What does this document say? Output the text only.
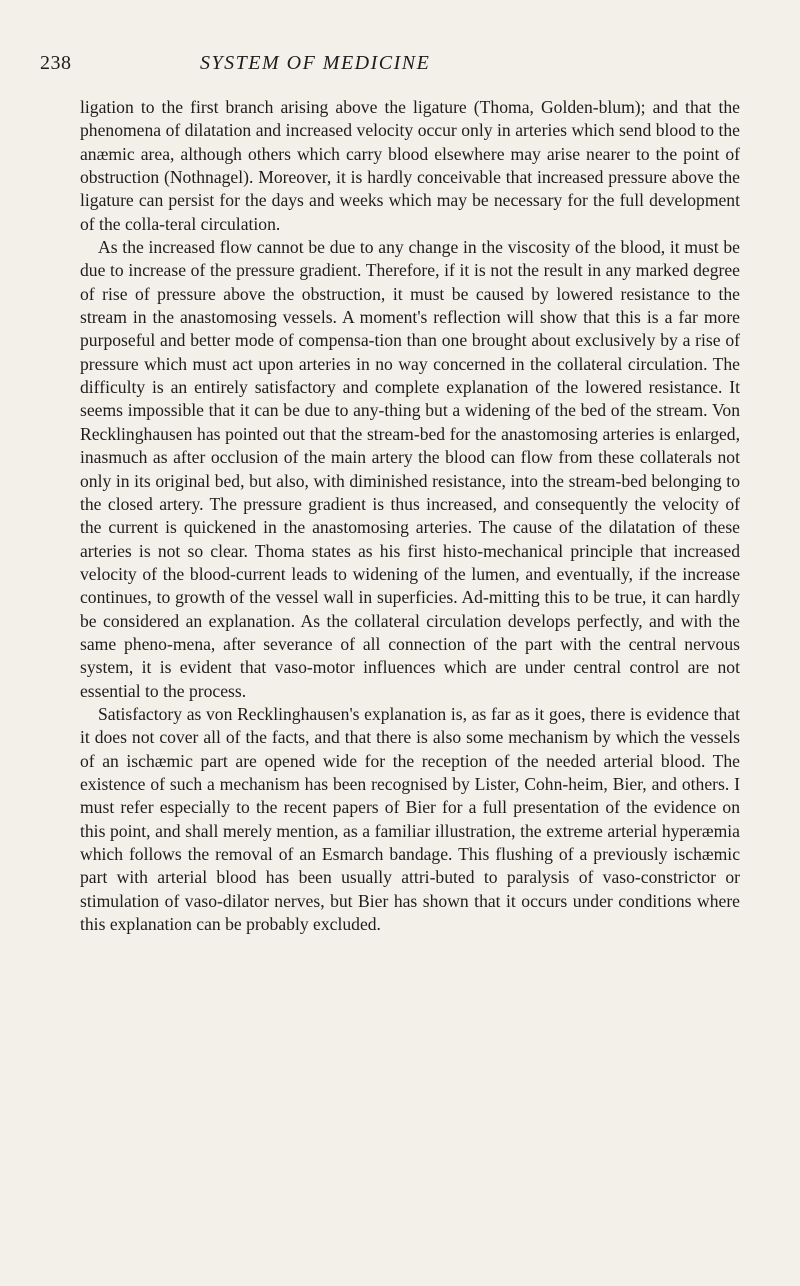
238	SYSTEM OF MEDICINE

ligation to the first branch arising above the ligature (Thoma, Golden-blum); and that the phenomena of dilatation and increased velocity occur only in arteries which send blood to the anæmic area, although others which carry blood elsewhere may arise nearer to the point of obstruction (Nothnagel). Moreover, it is hardly conceivable that increased pressure above the ligature can persist for the days and weeks which may be necessary for the full development of the colla-teral circulation.

As the increased flow cannot be due to any change in the viscosity of the blood, it must be due to increase of the pressure gradient. Therefore, if it is not the result in any marked degree of rise of pressure above the obstruction, it must be caused by lowered resistance to the stream in the anastomosing vessels. A moment's reflection will show that this is a far more purposeful and better mode of compensa-tion than one brought about exclusively by a rise of pressure which must act upon arteries in no way concerned in the collateral circulation. The difficulty is an entirely satisfactory and complete explanation of the lowered resistance. It seems impossible that it can be due to any-thing but a widening of the bed of the stream. Von Recklinghausen has pointed out that the stream-bed for the anastomosing arteries is enlarged, inasmuch as after occlusion of the main artery the blood can flow from these collaterals not only in its original bed, but also, with diminished resistance, into the stream-bed belonging to the closed artery. The pressure gradient is thus increased, and consequently the velocity of the current is quickened in the anastomosing arteries. The cause of the dilatation of these arteries is not so clear. Thoma states as his first histo-mechanical principle that increased velocity of the blood-current leads to widening of the lumen, and eventually, if the increase continues, to growth of the vessel wall in superficies. Ad-mitting this to be true, it can hardly be considered an explanation. As the collateral circulation develops perfectly, and with the same pheno-mena, after severance of all connection of the part with the central nervous system, it is evident that vaso-motor influences which are under central control are not essential to the process.

Satisfactory as von Recklinghausen's explanation is, as far as it goes, there is evidence that it does not cover all of the facts, and that there is also some mechanism by which the vessels of an ischæmic part are opened wide for the reception of the needed arterial blood. The existence of such a mechanism has been recognised by Lister, Cohn-heim, Bier, and others. I must refer especially to the recent papers of Bier for a full presentation of the evidence on this point, and shall merely mention, as a familiar illustration, the extreme arterial hyperæmia which follows the removal of an Esmarch bandage. This flushing of a previously ischæmic part with arterial blood has been usually attri-buted to paralysis of vaso-constrictor or stimulation of vaso-dilator nerves, but Bier has shown that it occurs under conditions where this explanation can be probably excluded.
